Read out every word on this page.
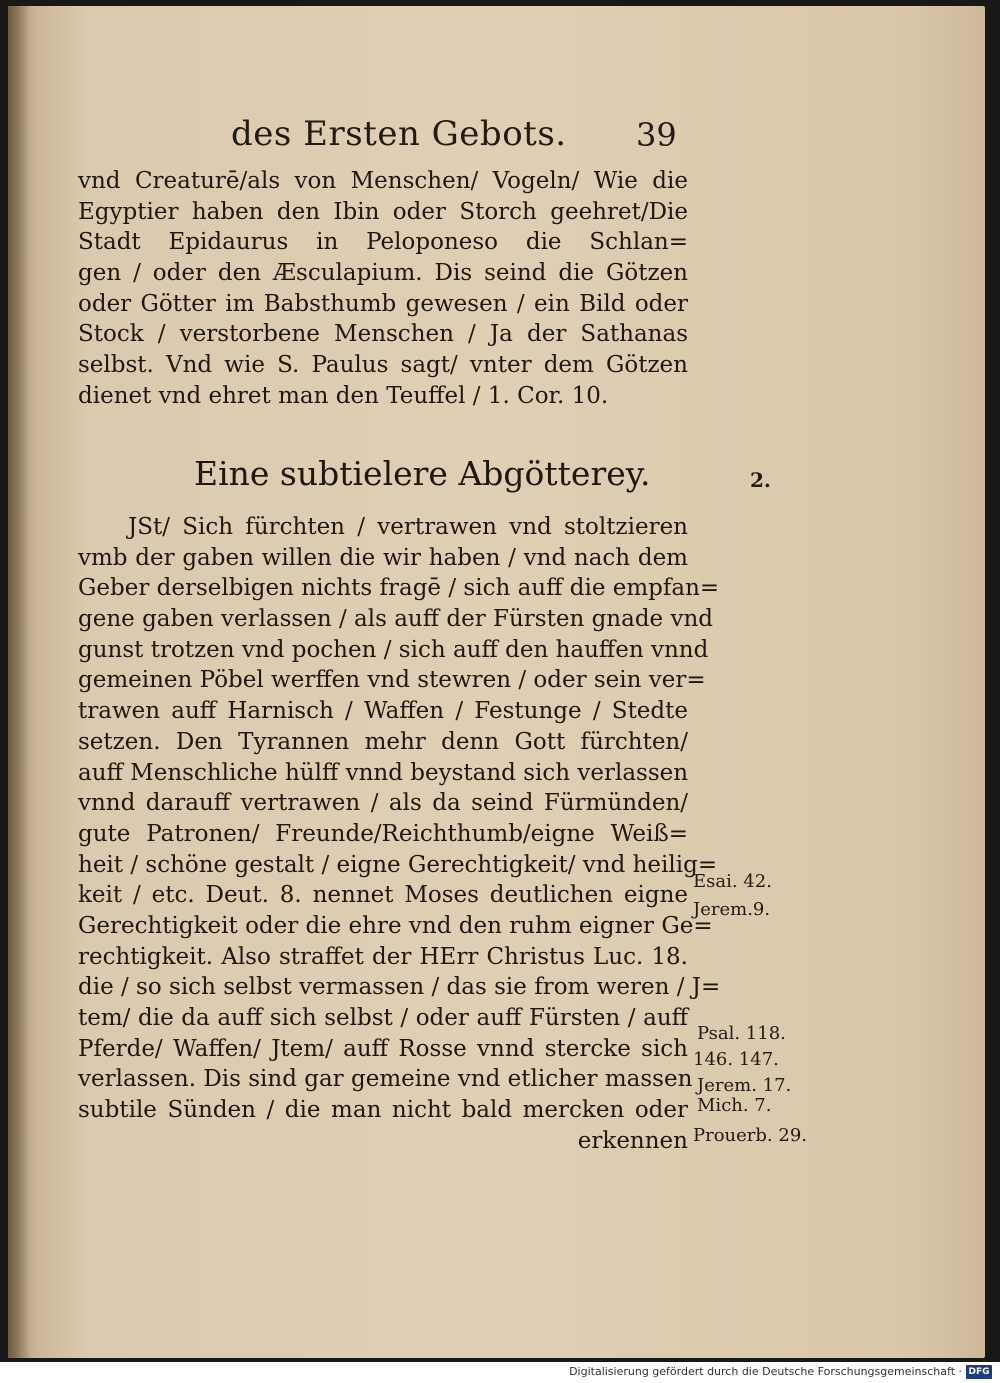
des Ersten Gebots. 39
vnd Creaturē/als von Menschen/ Vogeln/ Wie die
Egyptier haben den Ibin oder Storch geehret/Die
Stadt Epidaurus in Peloponeso die Schlan=
gen / oder den Æsculapium. Dis seind die Götzen
oder Götter im Babsthumb gewesen / ein Bild oder
Stock / verstorbene Menschen / Ja der Sathanas
selbst. Vnd wie S. Paulus sagt/ vnter dem Götzen
dienet vnd ehret man den Teuffel / 1. Cor. 10.
Eine subtielere Abgötterey.	2.
JSt/ Sich fürchten / vertrawen vnd stoltzieren
vmb der gaben willen die wir haben / vnd nach dem
Geber derselbigen nichts fragē / sich auff die empfan=
gene gaben verlassen / als auff der Fürsten gnade vnd
gunst trotzen vnd pochen / sich auff den hauffen vnnd
gemeinen Pöbel werffen vnd stewren / oder sein ver=
trawen auff Harnisch / Waffen / Festunge / Stedte
setzen. Den Tyrannen mehr denn Gott fürchten/
auff Menschliche hülff vnnd beystand sich verlassen
vnnd darauff vertrawen / als da seind Fürmünden/
gute Patronen/ Freunde/Reichthumb/eigne Weiß=
heit / schöne gestalt / eigne Gerechtigkeit/ vnd heilig=
keit / etc. Deut. 8. nennet Moses deutlichen eigne
Gerechtigkeit oder die ehre vnd den ruhm eigner Ge=
rechtigkeit. Also straffet der HErr Christus Luc. 18.
die / so sich selbst vermassen / das sie from weren / J=
tem/ die da auff sich selbst / oder auff Fürsten / auff
Pferde/ Waffen/ Jtem/ auff Rosse vnnd stercke sich
verlassen. Dis sind gar gemeine vnd etlicher massen
subtile Sünden / die man nicht bald mercken oder
erkennen
Esai. 42.
Jerem.9.
Psal. 118.
146. 147.
Jerem. 17.
Mich. 7.
Prouerb. 29.
Digitalisierung gefördert durch die Deutsche Forschungsgemeinschaft · DFG
